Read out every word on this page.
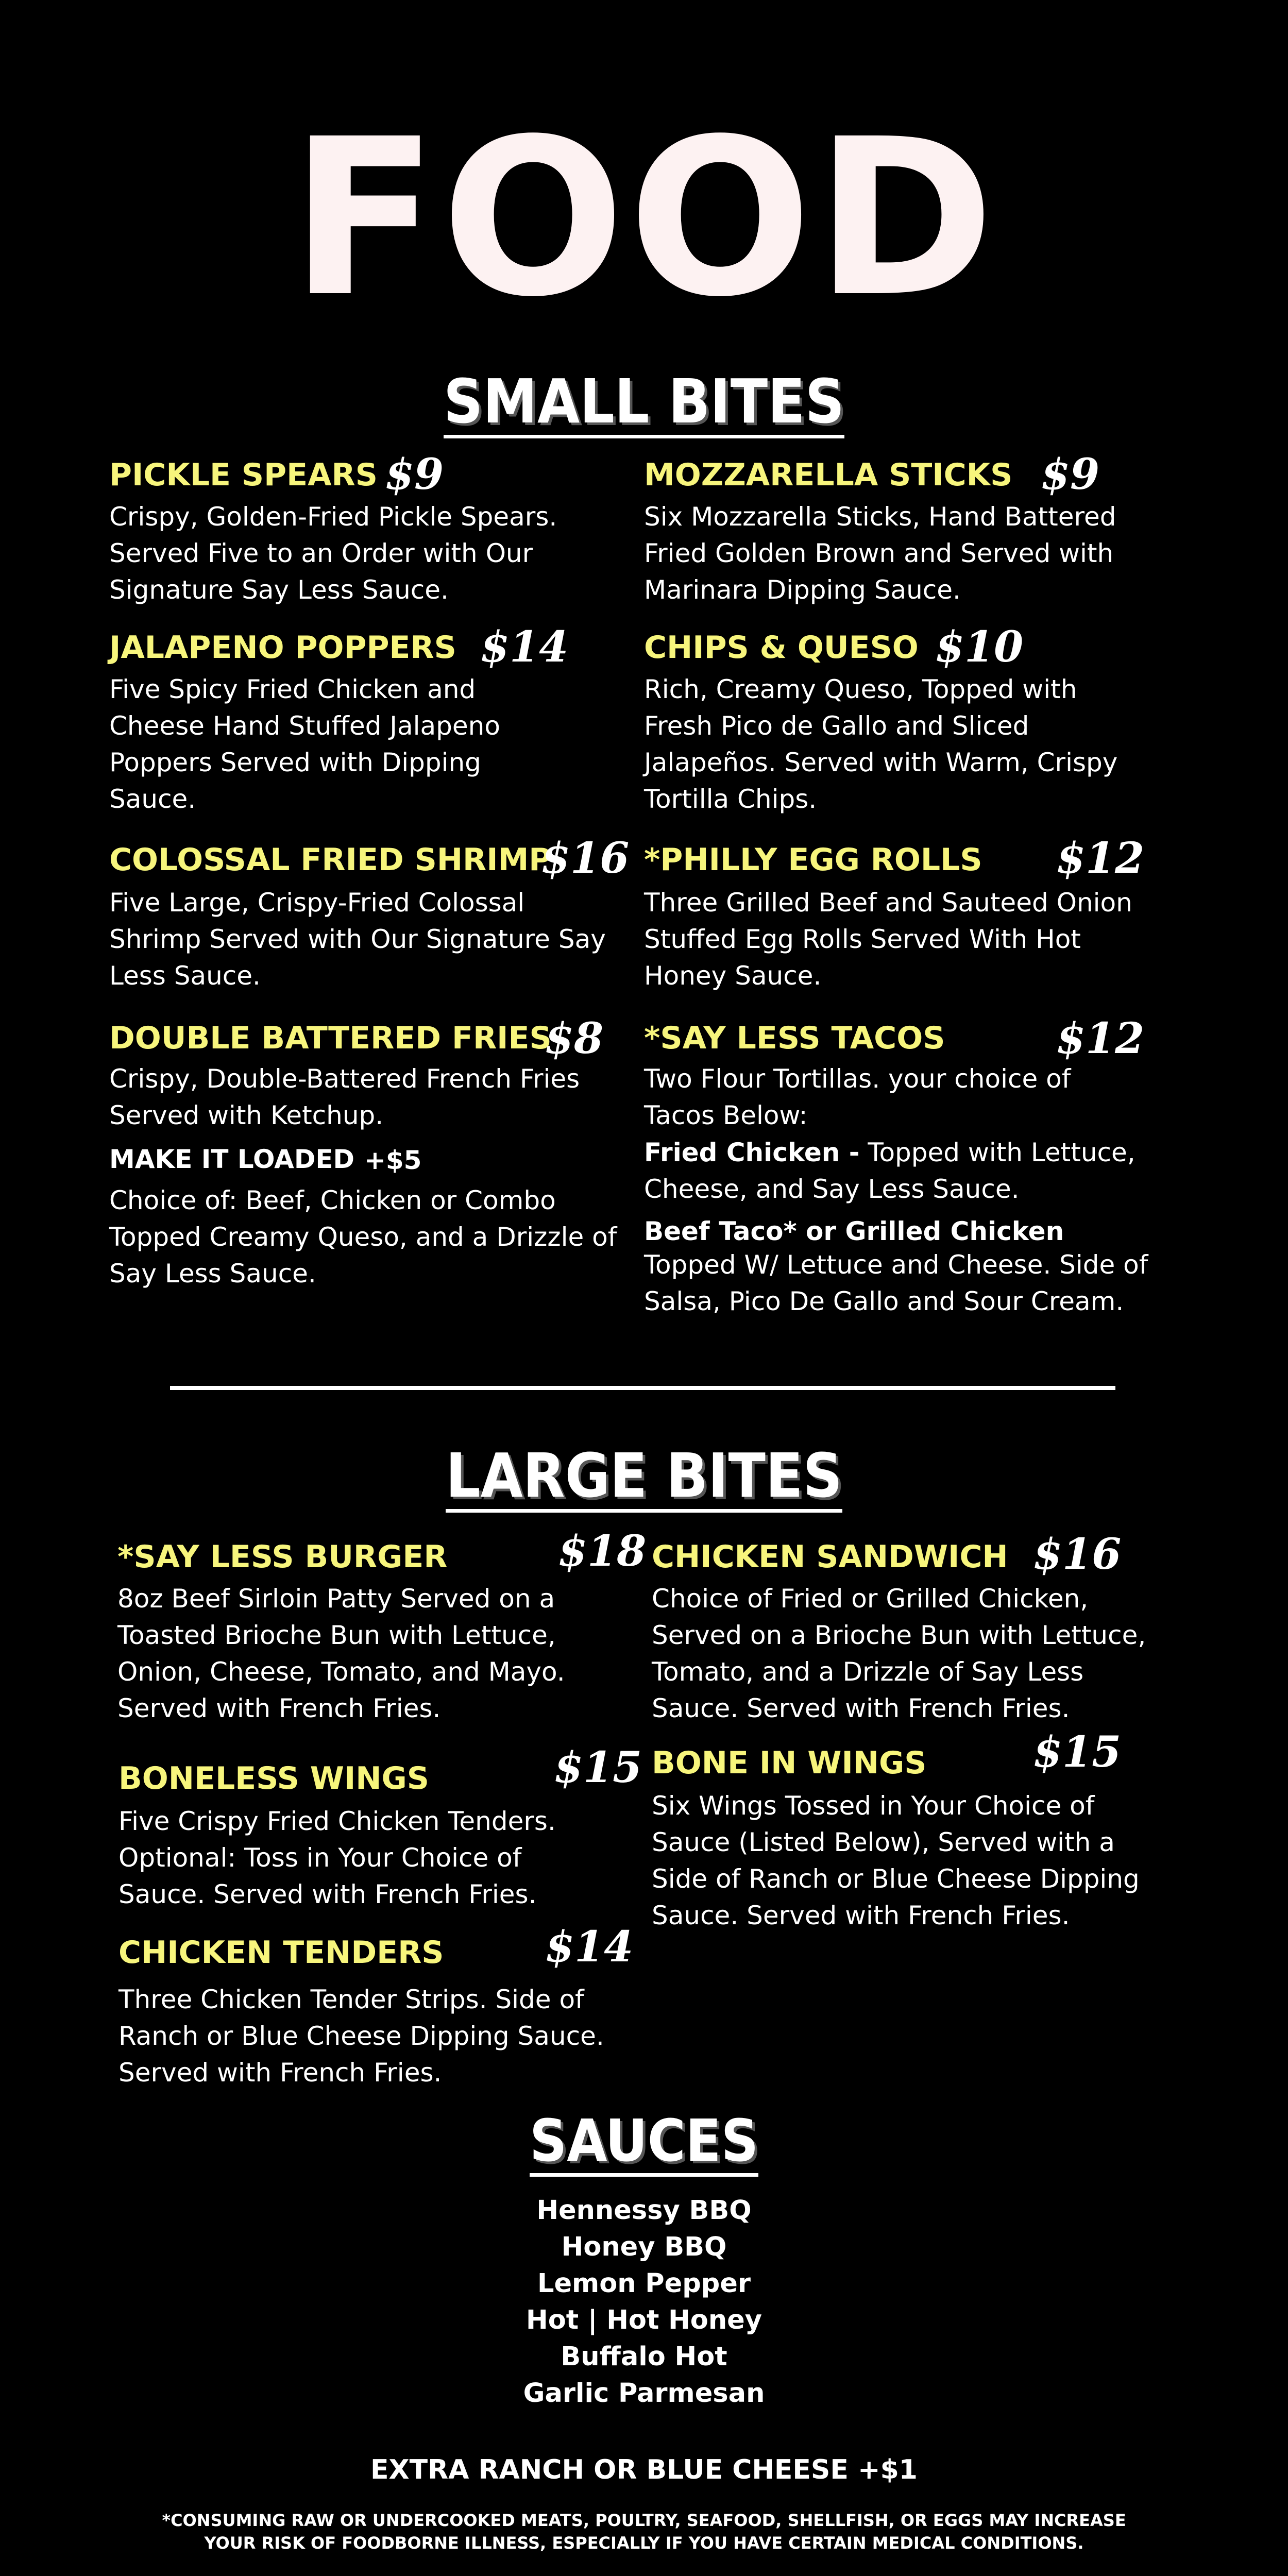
FOOD
SMALL BITES
PICKLE SPEARS $9
Crispy, Golden-Fried Pickle Spears. Served Five to an Order with Our Signature Say Less Sauce.
MOZZARELLA STICKS $9
Six Mozzarella Sticks, Hand Battered Fried Golden Brown and Served with Marinara Dipping Sauce.
JALAPENO POPPERS $14
Five Spicy Fried Chicken and Cheese Hand Stuffed Jalapeno Poppers Served with Dipping Sauce.
CHIPS & QUESO $10
Rich, Creamy Queso, Topped with Fresh Pico de Gallo and Sliced Jalapeños. Served with Warm, Crispy Tortilla Chips.
COLOSSAL FRIED SHRIMP
$16
Five Large, Crispy-Fried Colossal Shrimp Served with Our Signature Say Less Sauce.
*PHILLY EGG ROLLS $12
Three Grilled Beef and Sauteed Onion Stuffed Egg Rolls Served With Hot Honey Sauce.
DOUBLE BATTERED FRIES
$8
Crispy, Double-Battered French Fries Served with Ketchup.
MAKE IT LOADED +$5
Choice of: Beef, Chicken or Combo Topped Creamy Queso, and a Drizzle of Say Less Sauce.
*SAY LESS TACOS	$12
Two Flour Tortillas. your choice of Tacos Below:
Fried Chicken - Topped with Lettuce, Cheese, and Say Less Sauce.
Beef Taco* or Grilled Chicken
Topped W/ Lettuce and Cheese. Side of Salsa, Pico De Gallo and Sour Cream.
LARGE BITES
*SAY LESS BURGER	$18
8oz Beef Sirloin Patty Served on a Toasted Brioche Bun with Lettuce, Onion, Cheese, Tomato, and Mayo. Served with French Fries.
CHICKEN SANDWICH $16
Choice of Fried or Grilled Chicken, Served on a Brioche Bun with Lettuce, Tomato, and a Drizzle of Say Less Sauce. Served with French Fries.
BONELESS WINGS	$15
Five Crispy Fried Chicken Tenders. Optional: Toss in Your Choice of Sauce. Served with French Fries.
BONE IN WINGS	$15
Six Wings Tossed in Your Choice of Sauce (Listed Below), Served with a Side of Ranch or Blue Cheese Dipping Sauce. Served with French Fries.
CHICKEN TENDERS $14
Three Chicken Tender Strips. Side of Ranch or Blue Cheese Dipping Sauce. Served with French Fries.
SAUCES
Hennessy BBQ
Honey BBQ
Lemon Pepper
Hot | Hot Honey
Buffalo Hot
Garlic Parmesan
EXTRA RANCH OR BLUE CHEESE +$1
*CONSUMING RAW OR UNDERCOOKED MEATS, POULTRY, SEAFOOD, SHELLFISH, OR EGGS MAY INCREASE
YOUR RISK OF FOODBORNE ILLNESS, ESPECIALLY IF YOU HAVE CERTAIN MEDICAL CONDITIONS.
